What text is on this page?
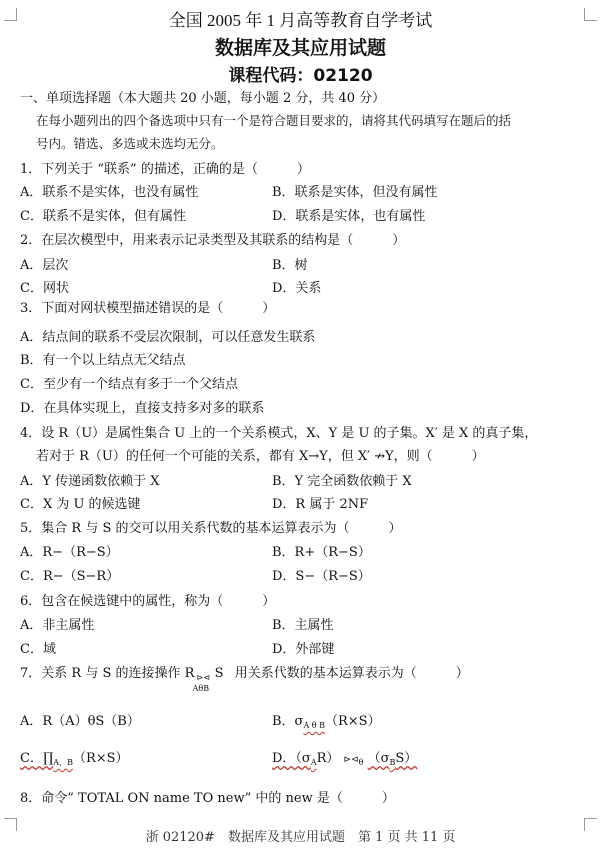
全国 2005 年 1 月高等教育自学考试
数据库及其应用试题
课程代码：02120
一、单项选择题（本大题共 20 小题，每小题 2 分，共 40 分）
在每小题列出的四个备选项中只有一个是符合题目要求的，请将其代码填写在题后的括
号内。错选、多选或未选均无分。
1．下列关于 “联系” 的描述，正确的是（　　　）
A．联系不是实体，也没有属性	B．联系是实体，但没有属性
C．联系不是实体，但有属性	D．联系是实体，也有属性
2．在层次模型中，用来表示记录类型及其联系的结构是（　　　）
A．层次	B．树
C．网状	D．关系
3．下面对网状模型描述错误的是（　　　）
A．结点间的联系不受层次限制，可以任意发生联系
B．有一个以上结点无父结点
C．至少有一个结点有多于一个父结点
D．在具体实现上，直接支持多对多的联系
4．设 R（U）是属性集合 U 上的一个关系模式，X、Y 是 U 的子集。X′ 是 X 的真子集，
若对于 R（U）的任何一个可能的关系，都有 X→Y，但 X′ ↛Y，则（　　　）
A．Y 传递函数依赖于 X	B．Y 完全函数依赖于 X
C．X 为 U 的候选键	D．R 属于 2NF
5．集合 R 与 S 的交可以用关系代数的基本运算表示为（　　　）
A．R−（R−S）	B．R+（R−S）
C．R−（S−R）	D．S−（R−S）
6．包含在候选键中的属性，称为（　　　）
A．非主属性	B．主属性
C．域	D．外部键
7．关系 R 与 S 的连接操作 R ⊳⊲ S
AθB
用关系代数的基本运算表示为（　　　）
A．R（A）θS（B）	B．$\sigma_{A \theta B}(R\times S)$
C．$\prod_{A,B}(R\times S)$	D．$(\sigma_AR)$ $⊳⊲_\theta$ $(\sigma_BS)$
8．命令” TOTAL ON name TO new” 中的 new 是（　　　）
浙 02120#　数据库及其应用试题　第 1 页 共 11 页
